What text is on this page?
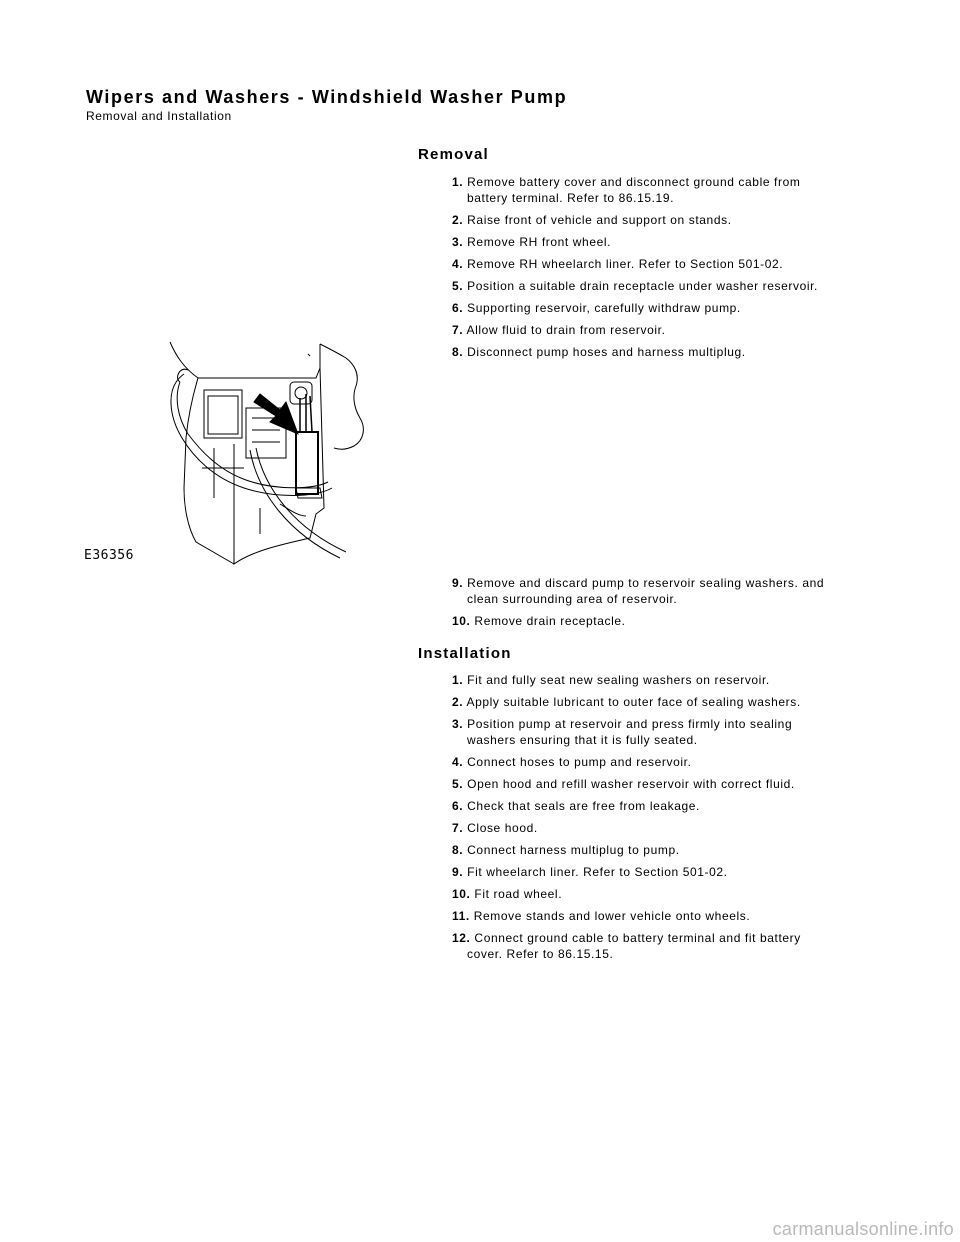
Wipers and Washers - Windshield Washer Pump
Removal and Installation
Removal
1. Remove battery cover and disconnect ground cable from
battery terminal. Refer to 86.15.19.
2. Raise front of vehicle and support on stands.
3. Remove RH front wheel.
4. Remove RH wheelarch liner. Refer to Section 501-02.
5. Position a suitable drain receptacle under washer reservoir.
6. Supporting reservoir, carefully withdraw pump.
7. Allow fluid to drain from reservoir.
8. Disconnect pump hoses and harness multiplug.
E36356
9. Remove and discard pump to reservoir sealing washers. and
clean surrounding area of reservoir.
10. Remove drain receptacle.
Installation
1. Fit and fully seat new sealing washers on reservoir.
2. Apply suitable lubricant to outer face of sealing washers.
3. Position pump at reservoir and press firmly into sealing
washers ensuring that it is fully seated.
4. Connect hoses to pump and reservoir.
5. Open hood and refill washer reservoir with correct fluid.
6. Check that seals are free from leakage.
7. Close hood.
8. Connect harness multiplug to pump.
9. Fit wheelarch liner. Refer to Section 501-02.
10. Fit road wheel.
11. Remove stands and lower vehicle onto wheels.
12. Connect ground cable to battery terminal and fit battery
cover. Refer to 86.15.15.
carmanualsonline.info
